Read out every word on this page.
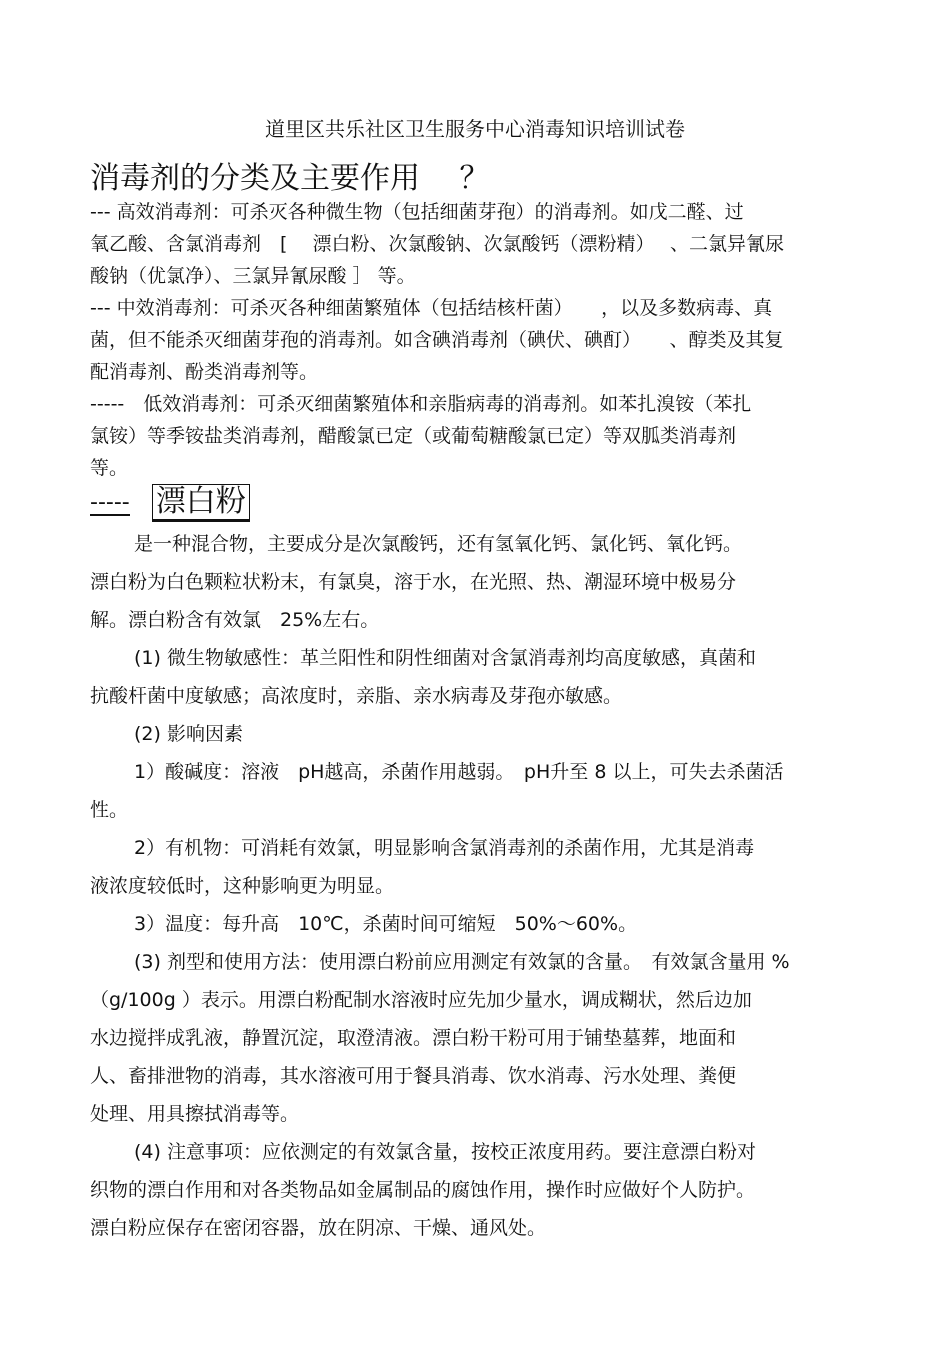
道里区共乐社区卫生服务中心消毒知识培训试卷
消毒剂的分类及主要作用　 ？
--- 高效消毒剂：可杀灭各种微生物（包括细菌芽孢）的消毒剂。如戊二醛、过
氧乙酸、含氯消毒剂　[　 漂白粉、次氯酸钠、次氯酸钙（漂粉精）　 、二氯异氰尿
酸钠（优氯净）、三氯异氰尿酸 ］ 等。
--- 中效消毒剂：可杀灭各种细菌繁殖体（包括结核杆菌）　　，以及多数病毒、真
菌，但不能杀灭细菌芽孢的消毒剂。如含碘消毒剂（碘伏、碘酊）　　、醇类及其复
配消毒剂、酚类消毒剂等。
-----　低效消毒剂：可杀灭细菌繁殖体和亲脂病毒的消毒剂。如苯扎溴铵（苯扎
氯铵）等季铵盐类消毒剂，醋酸氯已定（或葡萄糖酸氯已定）等双胍类消毒剂
等。
----- 漂白粉
是一种混合物，主要成分是次氯酸钙，还有氢氧化钙、氯化钙、氧化钙。
漂白粉为白色颗粒状粉末，有氯臭，溶于水，在光照、热、潮湿环境中极易分
解。漂白粉含有效氯　25%左右。
(1) 微生物敏感性：革兰阳性和阴性细菌对含氯消毒剂均高度敏感，真菌和
抗酸杆菌中度敏感；高浓度时，亲脂、亲水病毒及芽孢亦敏感。
(2) 影响因素
1）酸碱度：溶液　pH越高，杀菌作用越弱。　pH升至 8 以上，可失去杀菌活
性。
2）有机物：可消耗有效氯，明显影响含氯消毒剂的杀菌作用，尤其是消毒
液浓度较低时，这种影响更为明显。
3）温度：每升高　10℃，杀菌时间可缩短　50%～60%。
(3) 剂型和使用方法：使用漂白粉前应用测定有效氯的含量。　有效氯含量用 %
（g/100g ）表示。用漂白粉配制水溶液时应先加少量水，调成糊状，然后边加
水边搅拌成乳液，静置沉淀，取澄清液。漂白粉干粉可用于铺垫墓葬，地面和
人、畜排泄物的消毒，其水溶液可用于餐具消毒、饮水消毒、污水处理、粪便
处理、用具擦拭消毒等。
(4) 注意事项：应依测定的有效氯含量，按校正浓度用药。要注意漂白粉对
织物的漂白作用和对各类物品如金属制品的腐蚀作用，操作时应做好个人防护。
漂白粉应保存在密闭容器，放在阴凉、干燥、通风处。
